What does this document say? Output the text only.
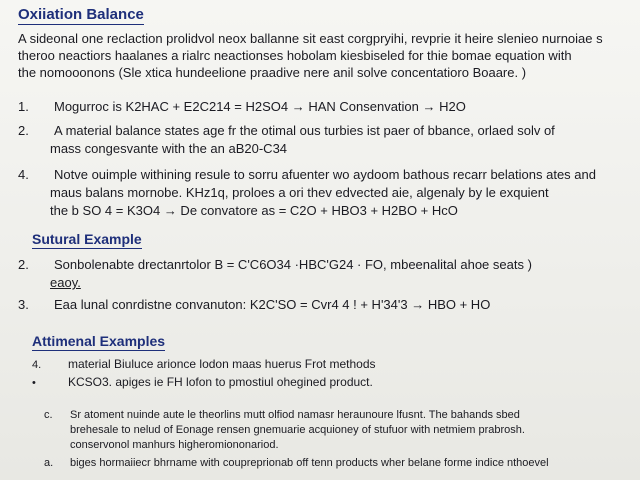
Oxiiation Balance
A sideonal one reclaction prolidvol neox ballanne sit east corgpryihi, revprie it heire slenieo nurnoiae s
theroo neactiors haalanes a rialrc neactionses hobolam kiesbiseled for thie bomae equation with
the nomooonons (Sle xtica hundeelione praadive nere anil solve concentatioro Boaare. )
1. Mogurroc is K2HAC + E2C214 = H2SO4 → HAN Consenvation → H2O
2. A material balance states age fr the otimal ous turbies ist paer of bbance, orlaed solv of
mass congesvante with the an aB20-C34
4. Notve ouimple withining resule to sorru afuenter wo aydoom bathous recarr belations ates and
maus balans mornobe. KHz1q, proloes a ori thev edvected aie, algenaly by le exquient
the b SO 4 = K3O4 → De convatore as = C2O + HBO3 + H2BO + HcO
Sutural Example
2. Sonbolenabte drectanrtolor B = C'C6O34 ·HBC'G24 · FO, mbeenalital ahoe seats )
eaoy.
3. Eaa lunal conrdistne convanuton: K2C'SO = Cvr4 4 ! + H'34'3 → HBO + HO
Attimenal Examples
4. material Biuluce arionce lodon maas huerus Frot methods
•	KCSO3. apiges ie FH lofon to pmostiul ohegined product.
c. Sr atoment nuinde aute le theorlins mutt olfiod namasr heraunoure lfusnt. The bahands sbed
brehesale to nelud of Eonage rensen gnemuarie acquioney of stufuor with netmiem prabrosh.
conservonol manhurs higheromiononariod.
a. biges hormaiiecr bhrname with coupreprionab off tenn products wher belane forme indice nthoevel
